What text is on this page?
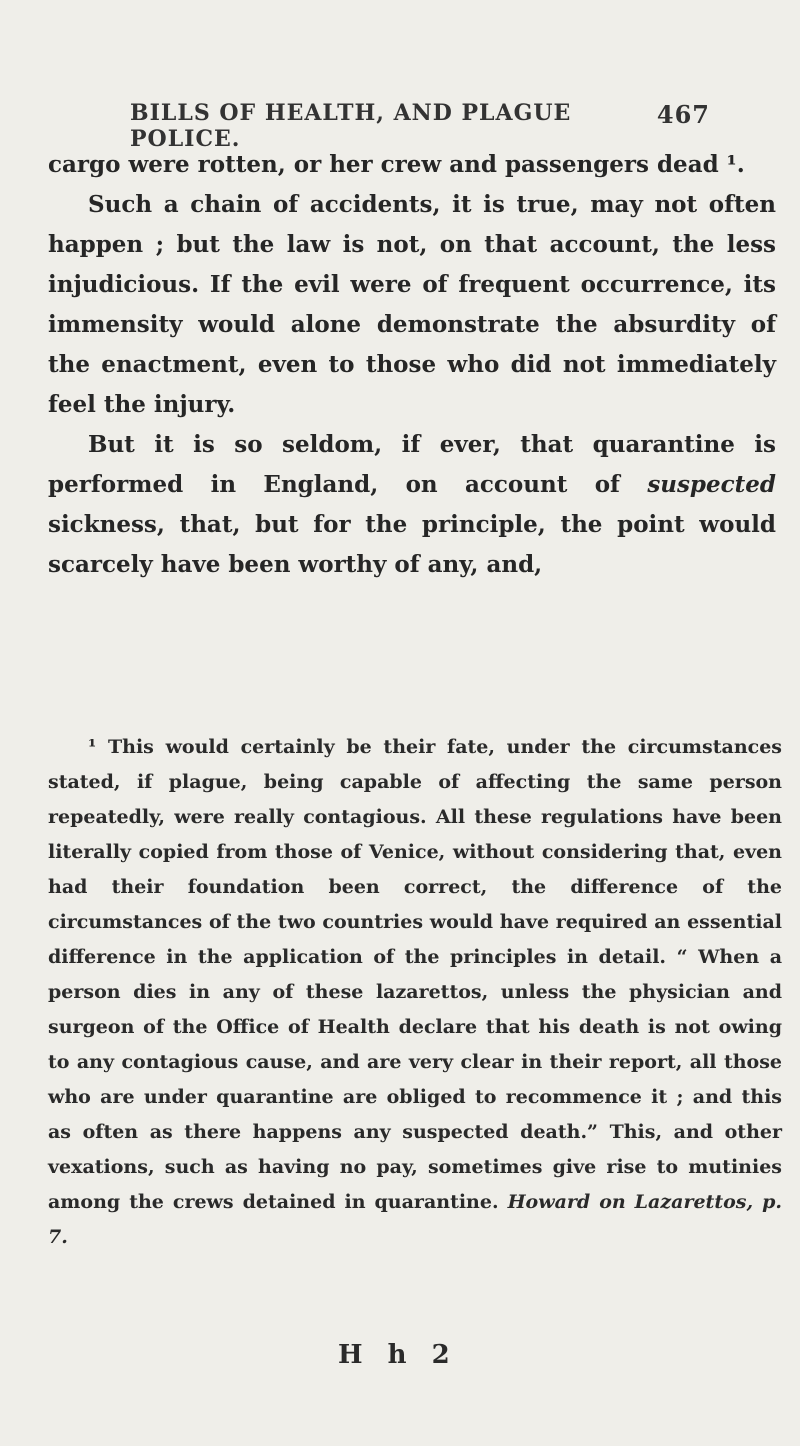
BILLS OF HEALTH, AND PLAGUE POLICE.
467

cargo were rotten, or her crew and passengers dead ¹.

Such a chain of accidents, it is true, may not often happen ; but the law is not, on that account, the less injudicious. If the evil were of frequent occurrence, its immensity would alone demonstrate the absurdity of the enactment, even to those who did not immediately feel the injury.

But it is so seldom, if ever, that quarantine is performed in England, on account of suspected sickness, that, but for the principle, the point would scarcely have been worthy of any, and,

¹ This would certainly be their fate, under the circumstances stated, if plague, being capable of affecting the same person repeatedly, were really contagious. All these regulations have been literally copied from those of Venice, without considering that, even had their foundation been correct, the difference of the circumstances of the two countries would have required an essential difference in the application of the principles in detail. “ When a person dies in any of these lazarettos, unless the physician and surgeon of the Office of Health declare that his death is not owing to any contagious cause, and are very clear in their report, all those who are under quarantine are obliged to recommence it ; and this as often as there happens any suspected death.” This, and other vexations, such as having no pay, sometimes give rise to mutinies among the crews detained in quarantine. Howard on Lazarettos, p. 7.

H h 2
